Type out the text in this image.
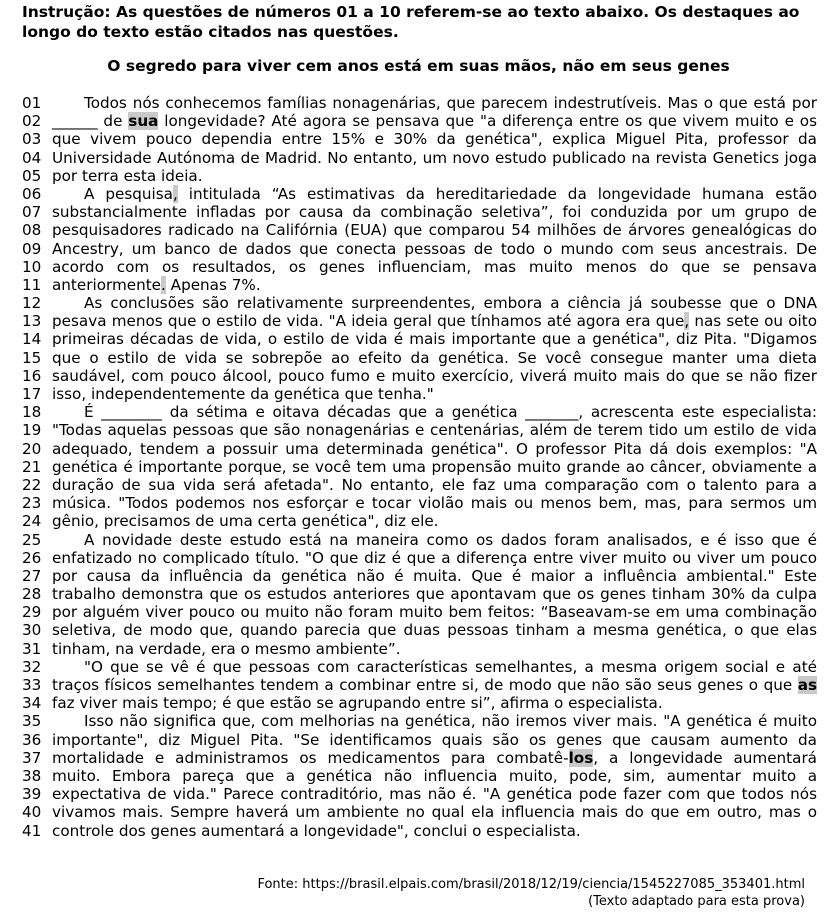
Instrução: As questões de números 01 a 10 referem-se ao texto abaixo. Os destaques ao longo do texto estão citados nas questões.
O segredo para viver cem anos está em suas mãos, não em seus genes
01	Todos nós conhecemos famílias nonagenárias, que parecem indestrutíveis. Mas o que está por
02 ______ de sua longevidade? Até agora se pensava que "a diferença entre os que vivem muito e os
03 que vivem pouco dependia entre 15% e 30% da genética", explica Miguel Pita, professor da
04 Universidade Autónoma de Madrid. No entanto, um novo estudo publicado na revista Genetics joga
05 por terra esta ideia.
06	A pesquisa, intitulada “As estimativas da hereditariedade da longevidade humana estão
07 substancialmente infladas por causa da combinação seletiva”, foi conduzida por um grupo de
08 pesquisadores radicado na Califórnia (EUA) que comparou 54 milhões de árvores genealógicas do
09 Ancestry, um banco de dados que conecta pessoas de todo o mundo com seus ancestrais. De
10 acordo com os resultados, os genes influenciam, mas muito menos do que se pensava
11 anteriormente. Apenas 7%.
12	As conclusões são relativamente surpreendentes, embora a ciência já soubesse que o DNA
13 pesava menos que o estilo de vida. "A ideia geral que tínhamos até agora era que, nas sete ou oito
14 primeiras décadas de vida, o estilo de vida é mais importante que a genética", diz Pita. "Digamos
15 que o estilo de vida se sobrepõe ao efeito da genética. Se você consegue manter uma dieta
16 saudável, com pouco álcool, pouco fumo e muito exercício, viverá muito mais do que se não fizer
17 isso, independentemente da genética que tenha."
18	É ________ da sétima e oitava décadas que a genética _______, acrescenta este especialista:
19 "Todas aquelas pessoas que são nonagenárias e centenárias, além de terem tido um estilo de vida
20 adequado, tendem a possuir uma determinada genética". O professor Pita dá dois exemplos: "A
21 genética é importante porque, se você tem uma propensão muito grande ao câncer, obviamente a
22 duração de sua vida será afetada". No entanto, ele faz uma comparação com o talento para a
23 música. "Todos podemos nos esforçar e tocar violão mais ou menos bem, mas, para sermos um
24 gênio, precisamos de uma certa genética", diz ele.
25	A novidade deste estudo está na maneira como os dados foram analisados, e é isso que é
26 enfatizado no complicado título. "O que diz é que a diferença entre viver muito ou viver um pouco
27 por causa da influência da genética não é muita. Que é maior a influência ambiental." Este
28 trabalho demonstra que os estudos anteriores que apontavam que os genes tinham 30% da culpa
29 por alguém viver pouco ou muito não foram muito bem feitos: “Baseavam-se em uma combinação
30 seletiva, de modo que, quando parecia que duas pessoas tinham a mesma genética, o que elas
31 tinham, na verdade, era o mesmo ambiente”.
32	"O que se vê é que pessoas com características semelhantes, a mesma origem social e até
33 traços físicos semelhantes tendem a combinar entre si, de modo que não são seus genes o que as
34 faz viver mais tempo; é que estão se agrupando entre si”, afirma o especialista.
35	Isso não significa que, com melhorias na genética, não iremos viver mais. "A genética é muito
36 importante", diz Miguel Pita. "Se identificamos quais são os genes que causam aumento da
37 mortalidade e administramos os medicamentos para combatê-los, a longevidade aumentará
38 muito. Embora pareça que a genética não influencia muito, pode, sim, aumentar muito a
39 expectativa de vida." Parece contraditório, mas não é. "A genética pode fazer com que todos nós
40 vivamos mais. Sempre haverá um ambiente no qual ela influencia mais do que em outro, mas o
41 controle dos genes aumentará a longevidade", conclui o especialista.
Fonte: https://brasil.elpais.com/brasil/2018/12/19/ciencia/1545227085_353401.html
(Texto adaptado para esta prova)
